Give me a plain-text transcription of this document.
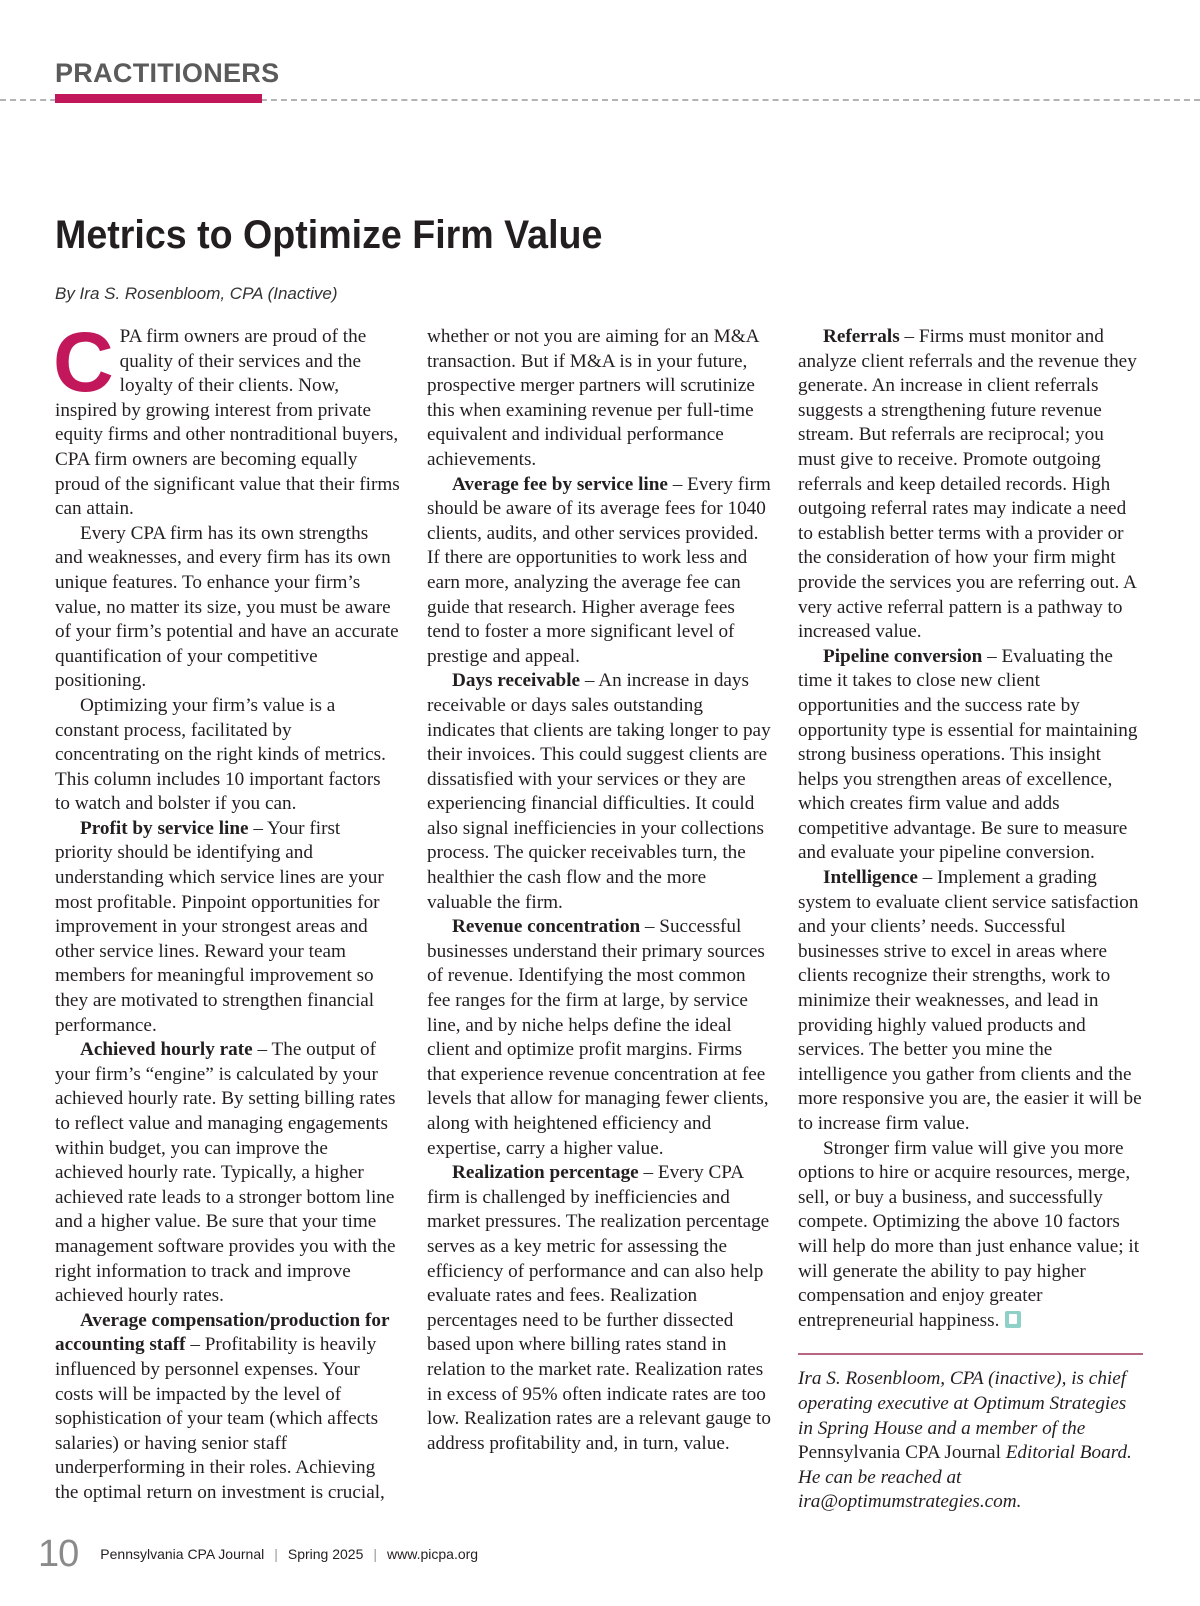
PRACTITIONERS
Metrics to Optimize Firm Value

By Ira S. Rosenbloom, CPA (Inactive)

CPA firm owners are proud of the quality of their services and the loyalty of their clients. Now, inspired by growing interest from private equity firms and other nontraditional buyers, CPA firm owners are becoming equally proud of the significant value that their firms can attain.

Every CPA firm has its own strengths and weaknesses, and every firm has its own unique features. To enhance your firm’s value, no matter its size, you must be aware of your firm’s potential and have an accurate quantification of your competitive positioning.

Optimizing your firm’s value is a constant process, facilitated by concentrating on the right kinds of metrics. This column includes 10 important factors to watch and bolster if you can.

Profit by service line – Your first priority should be identifying and understanding which service lines are your most profitable. Pinpoint opportunities for improvement in your strongest areas and other service lines. Reward your team members for meaningful improvement so they are motivated to strengthen financial performance.

Achieved hourly rate – The output of your firm’s “engine” is calculated by your achieved hourly rate. By setting billing rates to reflect value and managing engagements within budget, you can improve the achieved hourly rate. Typically, a higher achieved rate leads to a stronger bottom line and a higher value. Be sure that your time management software provides you with the right information to track and improve achieved hourly rates.

Average compensation/production for accounting staff – Profitability is heavily influenced by personnel expenses. Your costs will be impacted by the level of sophistication of your team (which affects salaries) or having senior staff underperforming in their roles. Achieving the optimal return on investment is crucial,

whether or not you are aiming for an M&A transaction. But if M&A is in your future, prospective merger partners will scrutinize this when examining revenue per full-time equivalent and individual performance achievements.

Average fee by service line – Every firm should be aware of its average fees for 1040 clients, audits, and other services provided. If there are opportunities to work less and earn more, analyzing the average fee can guide that research. Higher average fees tend to foster a more significant level of prestige and appeal.

Days receivable – An increase in days receivable or days sales outstanding indicates that clients are taking longer to pay their invoices. This could suggest clients are dissatisfied with your services or they are experiencing financial difficulties. It could also signal inefficiencies in your collections process. The quicker receivables turn, the healthier the cash flow and the more valuable the firm.

Revenue concentration – Successful businesses understand their primary sources of revenue. Identifying the most common fee ranges for the firm at large, by service line, and by niche helps define the ideal client and optimize profit margins. Firms that experience revenue concentration at fee levels that allow for managing fewer clients, along with heightened efficiency and expertise, carry a higher value.

Realization percentage – Every CPA firm is challenged by inefficiencies and market pressures. The realization percentage serves as a key metric for assessing the efficiency of performance and can also help evaluate rates and fees. Realization percentages need to be further dissected based upon where billing rates stand in relation to the market rate. Realization rates in excess of 95% often indicate rates are too low. Realization rates are a relevant gauge to address profitability and, in turn, value.

Referrals – Firms must monitor and analyze client referrals and the revenue they generate. An increase in client referrals suggests a strengthening future revenue stream. But referrals are reciprocal; you must give to receive. Promote outgoing referrals and keep detailed records. High outgoing referral rates may indicate a need to establish better terms with a provider or the consideration of how your firm might provide the services you are referring out. A very active referral pattern is a pathway to increased value.

Pipeline conversion – Evaluating the time it takes to close new client opportunities and the success rate by opportunity type is essential for maintaining strong business operations. This insight helps you strengthen areas of excellence, which creates firm value and adds competitive advantage. Be sure to measure and evaluate your pipeline conversion.

Intelligence – Implement a grading system to evaluate client service satisfaction and your clients’ needs. Successful businesses strive to excel in areas where clients recognize their strengths, work to minimize their weaknesses, and lead in providing highly valued products and services. The better you mine the intelligence you gather from clients and the more responsive you are, the easier it will be to increase firm value.

Stronger firm value will give you more options to hire or acquire resources, merge, sell, or buy a business, and successfully compete. Optimizing the above 10 factors will help do more than just enhance value; it will generate the ability to pay higher compensation and enjoy greater entrepreneurial happiness.

Ira S. Rosenbloom, CPA (inactive), is chief operating executive at Optimum Strategies in Spring House and a member of the Pennsylvania CPA Journal Editorial Board. He can be reached at ira@optimumstrategies.com.

10 Pennsylvania CPA Journal | Spring 2025 | www.picpa.org
